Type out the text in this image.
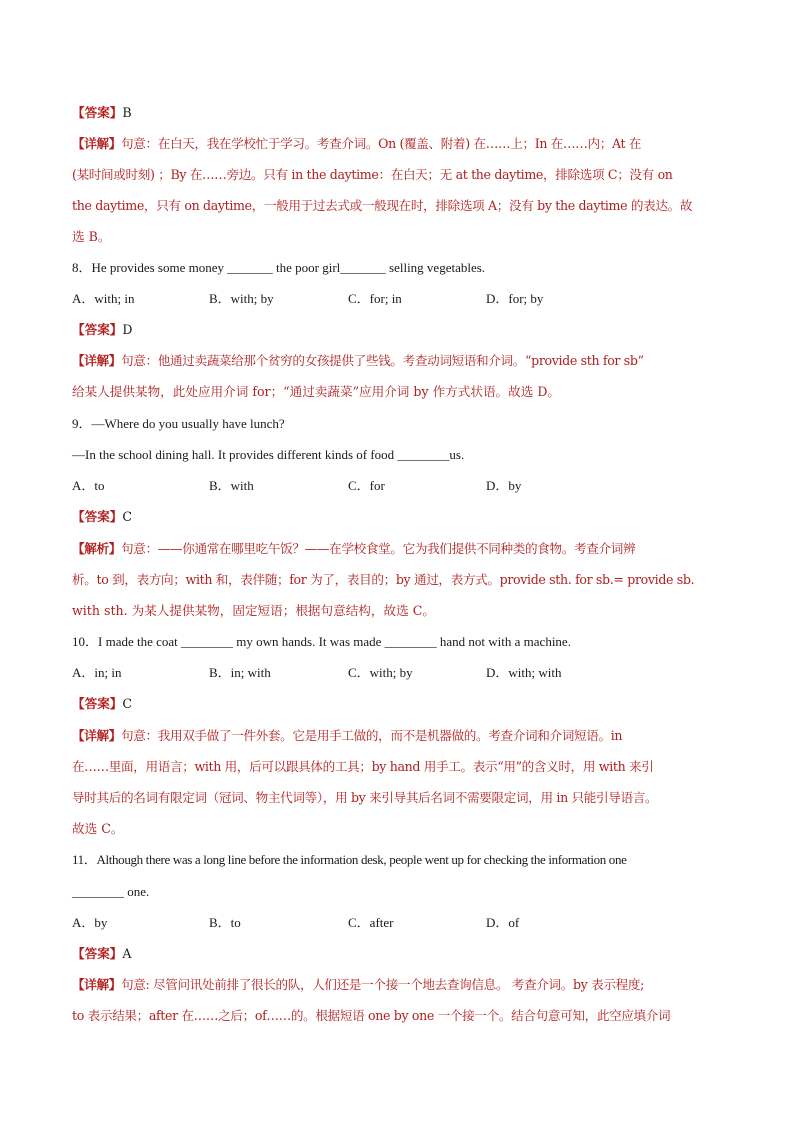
【答案】B

【详解】句意：在白天，我在学校忙于学习。考查介词。On (覆盖、附着) 在……上；In 在……内；At 在

(某时间或时刻) ；By 在……旁边。只有 in the daytime：在白天；无 at the daytime，排除选项 C；没有 on

the daytime，只有 on daytime，一般用于过去式或一般现在时，排除选项 A；没有 by the daytime 的表达。故

选 B。

8．He provides some money _______ the poor girl_______ selling vegetables.

A．with; in	B．with; by	C．for; in	D．for; by

【答案】D

【详解】句意：他通过卖蔬菜给那个贫穷的女孩提供了些钱。考查动词短语和介词。“provide sth for sb”

给某人提供某物，此处应用介词 for；“通过卖蔬菜”应用介词 by 作方式状语。故选 D。

9．—Where do you usually have lunch?

—In the school dining hall. It provides different kinds of food ________us.

A．to	B．with	C．for	D．by

【答案】C

【解析】句意：——你通常在哪里吃午饭？——在学校食堂。它为我们提供不同种类的食物。考查介词辨

析。to 到，表方向；with 和，表伴随；for 为了，表目的；by 通过，表方式。provide sth. for sb.= provide sb.

with sth. 为某人提供某物，固定短语；根据句意结构，故选 C。

10．I made the coat ________ my own hands. It was made ________ hand not with a machine.

A．in; in	B．in; with	C．with; by	D．with; with

【答案】C

【详解】句意：我用双手做了一件外套。它是用手工做的，而不是机器做的。考查介词和介词短语。in

在……里面，用语言；with 用，后可以跟具体的工具；by hand 用手工。表示“用”的含义时，用 with 来引

导时其后的名词有限定词（冠词、物主代词等），用 by 来引导其后名词不需要限定词，用 in 只能引导语言。

故选 C。

11．Although there was a long line before the information desk, people went up for checking the information one

________ one.

A．by	B．to	C．after	D．of

【答案】A

【详解】句意: 尽管问讯处前排了很长的队，人们还是一个接一个地去查询信息。 考查介词。by 表示程度;

to 表示结果；after 在……之后；of……的。根据短语 one by one 一个接一个。结合句意可知，此空应填介词
